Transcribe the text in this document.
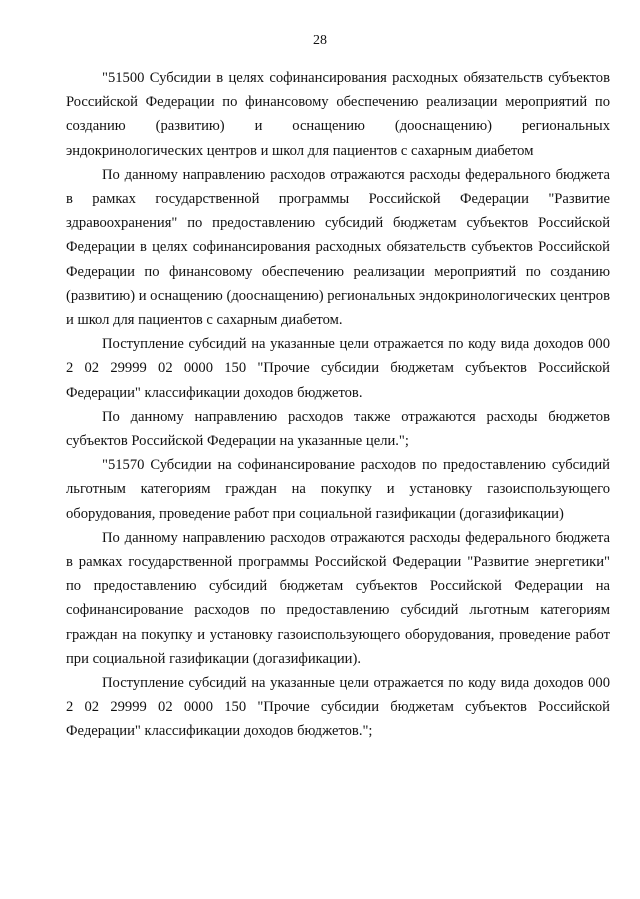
28

"51500 Субсидии в целях софинансирования расходных обязательств субъектов Российской Федерации по финансовому обеспечению реализации мероприятий по созданию (развитию) и оснащению (дооснащению) региональных эндокринологических центров и школ для пациентов с сахарным диабетом

По данному направлению расходов отражаются расходы федерального бюджета в рамках государственной программы Российской Федерации "Развитие здравоохранения" по предоставлению субсидий бюджетам субъектов Российской Федерации в целях софинансирования расходных обязательств субъектов Российской Федерации по финансовому обеспечению реализации мероприятий по созданию (развитию) и оснащению (дооснащению) региональных эндокринологических центров и школ для пациентов с сахарным диабетом.

Поступление субсидий на указанные цели отражается по коду вида доходов 000 2 02 29999 02 0000 150 "Прочие субсидии бюджетам субъектов Российской Федерации" классификации доходов бюджетов.

По данному направлению расходов также отражаются расходы бюджетов субъектов Российской Федерации на указанные цели.";

"51570 Субсидии на софинансирование расходов по предоставлению субсидий льготным категориям граждан на покупку и установку газоиспользующего оборудования, проведение работ при социальной газификации (догазификации)

По данному направлению расходов отражаются расходы федерального бюджета в рамках государственной программы Российской Федерации "Развитие энергетики" по предоставлению субсидий бюджетам субъектов Российской Федерации на софинансирование расходов по предоставлению субсидий льготным категориям граждан на покупку и установку газоиспользующего оборудования, проведение работ при социальной газификации (догазификации).

Поступление субсидий на указанные цели отражается по коду вида доходов 000 2 02 29999 02 0000 150 "Прочие субсидии бюджетам субъектов Российской Федерации" классификации доходов бюджетов.";
